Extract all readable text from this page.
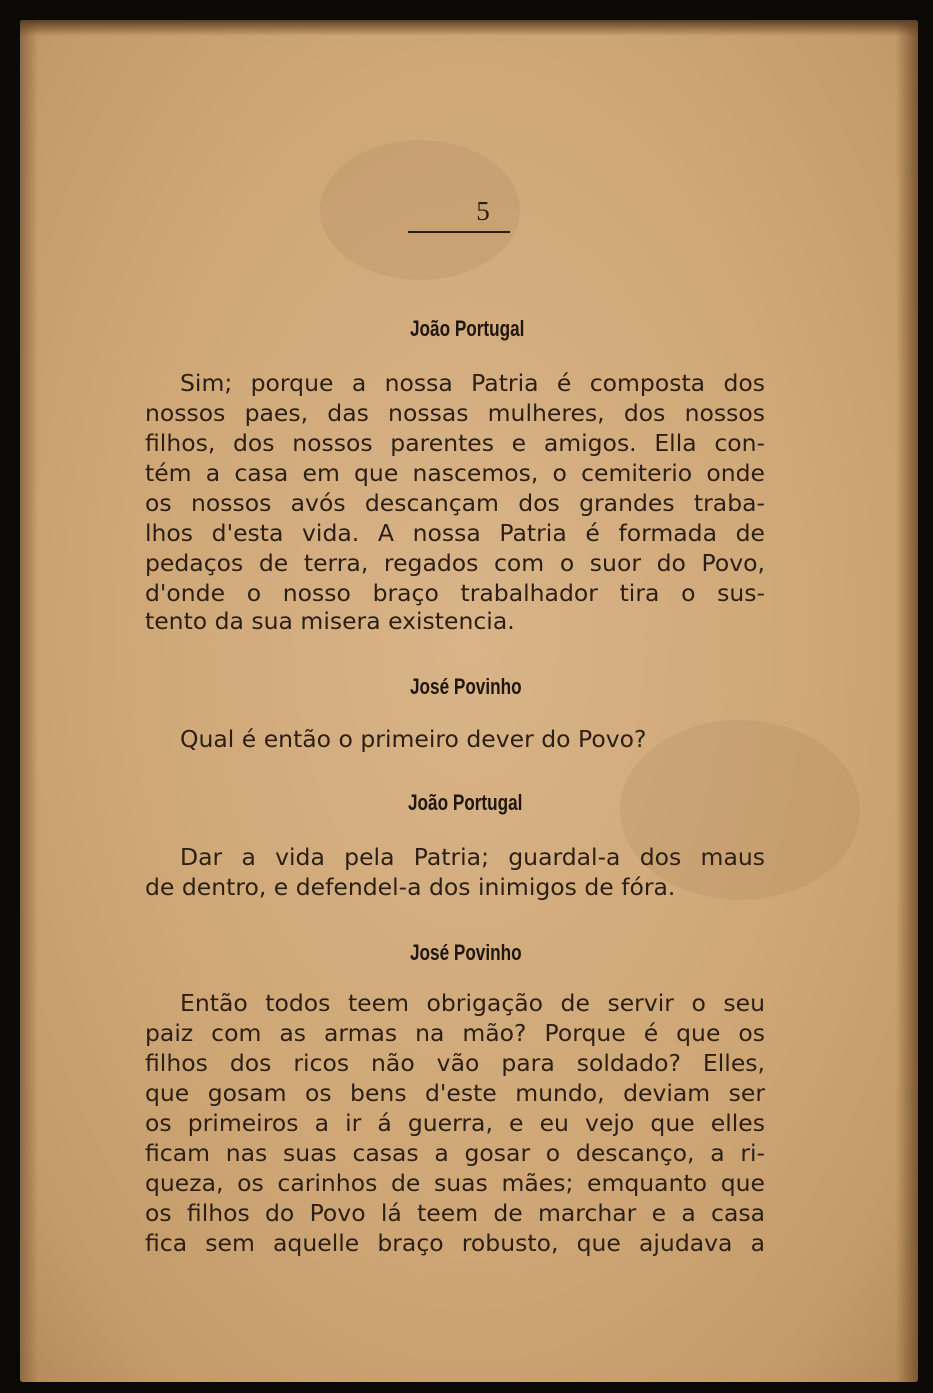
5
João Portugal
Sim; porque a nossa Patria é composta dos
nossos paes, das nossas mulheres, dos nossos
filhos, dos nossos parentes e amigos. Ella con-
tém a casa em que nascemos, o cemiterio onde
os nossos avós descançam dos grandes traba-
lhos d'esta vida. A nossa Patria é formada de
pedaços de terra, regados com o suor do Povo,
d'onde o nosso braço trabalhador tira o sus-
tento da sua misera existencia.
José Povinho
Qual é então o primeiro dever do Povo?
João Portugal
Dar a vida pela Patria; guardal-a dos maus
de dentro, e defendel-a dos inimigos de fóra.
José Povinho
Então todos teem obrigação de servir o seu
paiz com as armas na mão? Porque é que os
filhos dos ricos não vão para soldado? Elles,
que gosam os bens d'este mundo, deviam ser
os primeiros a ir á guerra, e eu vejo que elles
ficam nas suas casas a gosar o descanço, a ri-
queza, os carinhos de suas mães; emquanto que
os filhos do Povo lá teem de marchar e a casa
fica sem aquelle braço robusto, que ajudava a
